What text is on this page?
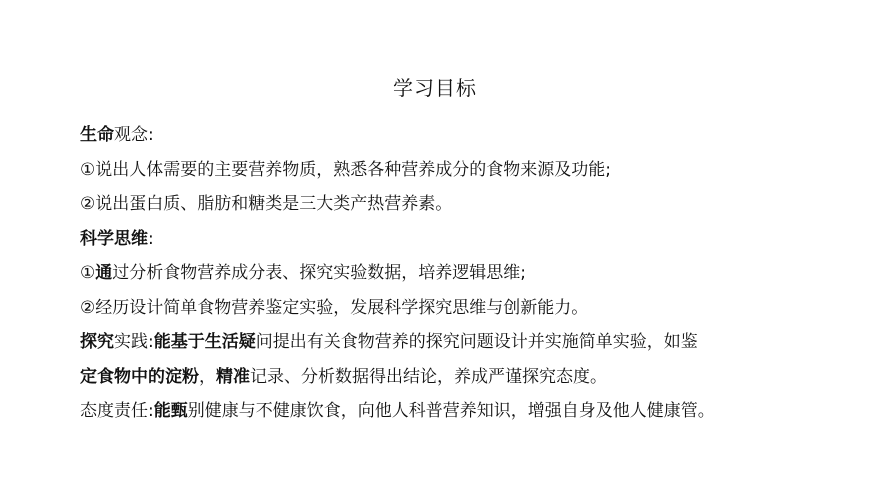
学习目标
生命观念:
①说出人体需要的主要营养物质，熟悉各种营养成分的食物来源及功能;
②说出蛋白质、脂肪和糖类是三大类产热营养素。
科学思维:
①通过分析食物营养成分表、探究实验数据，培养逻辑思维;
②经历设计简单食物营养鉴定实验，发展科学探究思维与创新能力。
探究实践:能基于生活疑问提出有关食物营养的探究问题设计并实施简单实验，如鉴
定食物中的淀粉，精准记录、分析数据得出结论，养成严谨探究态度。
态度责任:能甄别健康与不健康饮食，向他人科普营养知识，增强自身及他人健康管。
